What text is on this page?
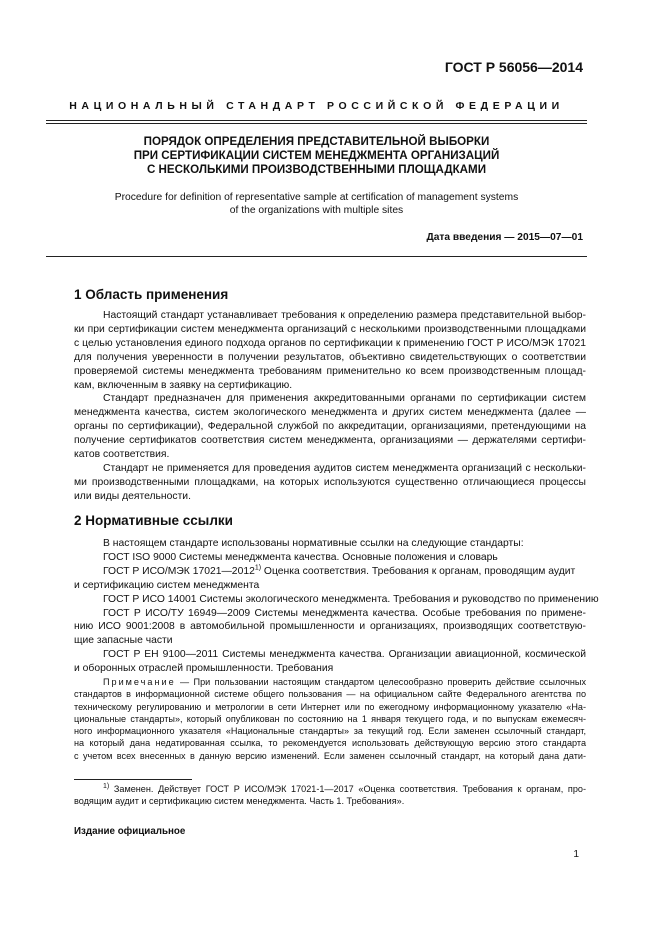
ГОСТ Р 56056—2014
НАЦИОНАЛЬНЫЙ СТАНДАРТ РОССИЙСКОЙ ФЕДЕРАЦИИ
ПОРЯДОК ОПРЕДЕЛЕНИЯ ПРЕДСТАВИТЕЛЬНОЙ ВЫБОРКИ
ПРИ СЕРТИФИКАЦИИ СИСТЕМ МЕНЕДЖМЕНТА ОРГАНИЗАЦИЙ
С НЕСКОЛЬКИМИ ПРОИЗВОДСТВЕННЫМИ ПЛОЩАДКАМИ
Procedure for definition of representative sample at certification of management systems
of the organizations with multiple sites
Дата введения — 2015—07—01
1 Область применения
Настоящий стандарт устанавливает требования к определению размера представительной выбор-
ки при сертификации систем менеджмента организаций с несколькими производственными площадками
с целью установления единого подхода органов по сертификации к применению ГОСТ Р ИСО/МЭК 17021
для получения уверенности в получении результатов, объективно свидетельствующих о соответствии
проверяемой системы менеджмента требованиям применительно ко всем производственным площад-
кам, включенным в заявку на сертификацию.
Стандарт предназначен для применения аккредитованными органами по сертификации систем
менеджмента качества, систем экологического менеджмента и других систем менеджмента (далее —
органы по сертификации), Федеральной службой по аккредитации, организациями, претендующими на
получение сертификатов соответствия систем менеджмента, организациями — держателями сертифи-
катов соответствия.
Стандарт не применяется для проведения аудитов систем менеджмента организаций с нескольки-
ми производственными площадками, на которых используются существенно отличающиеся процессы
или виды деятельности.
2 Нормативные ссылки
В настоящем стандарте использованы нормативные ссылки на следующие стандарты:
ГОСТ ISO 9000 Системы менеджмента качества. Основные положения и словарь
ГОСТ Р ИСО/МЭК 17021—2012$^{1)}$ Оценка соответствия. Требования к органам, проводящим аудит
и сертификацию систем менеджмента
ГОСТ Р ИСО 14001 Системы экологического менеджмента. Требования и руководство по применению
ГОСТ Р ИСО/ТУ 16949—2009 Системы менеджмента качества. Особые требования по примене-
нию ИСО 9001:2008 в автомобильной промышленности и организациях, производящих соответствую-
щие запасные части
ГОСТ Р ЕН 9100—2011 Системы менеджмента качества. Организации авиационной, космической
и оборонных отраслей промышленности. Требования
Примечание — При пользовании настоящим стандартом целесообразно проверить действие ссылочных
стандартов в информационной системе общего пользования — на официальном сайте Федерального агентства по
техническому регулированию и метрологии в сети Интернет или по ежегодному информационному указателю «На-
циональные стандарты», который опубликован по состоянию на 1 января текущего года, и по выпускам ежемесяч-
ного информационного указателя «Национальные стандарты» за текущий год. Если заменен ссылочный стандарт,
на который дана недатированная ссылка, то рекомендуется использовать действующую версию этого стандарта
с учетом всех внесенных в данную версию изменений. Если заменен ссылочный стандарт, на который дана дати-
$^{1)}$ Заменен. Действует ГОСТ Р ИСО/МЭК 17021-1—2017 «Оценка соответствия. Требования к органам, про-
водящим аудит и сертификацию систем менеджмента. Часть 1. Требования».
Издание официальное
1
